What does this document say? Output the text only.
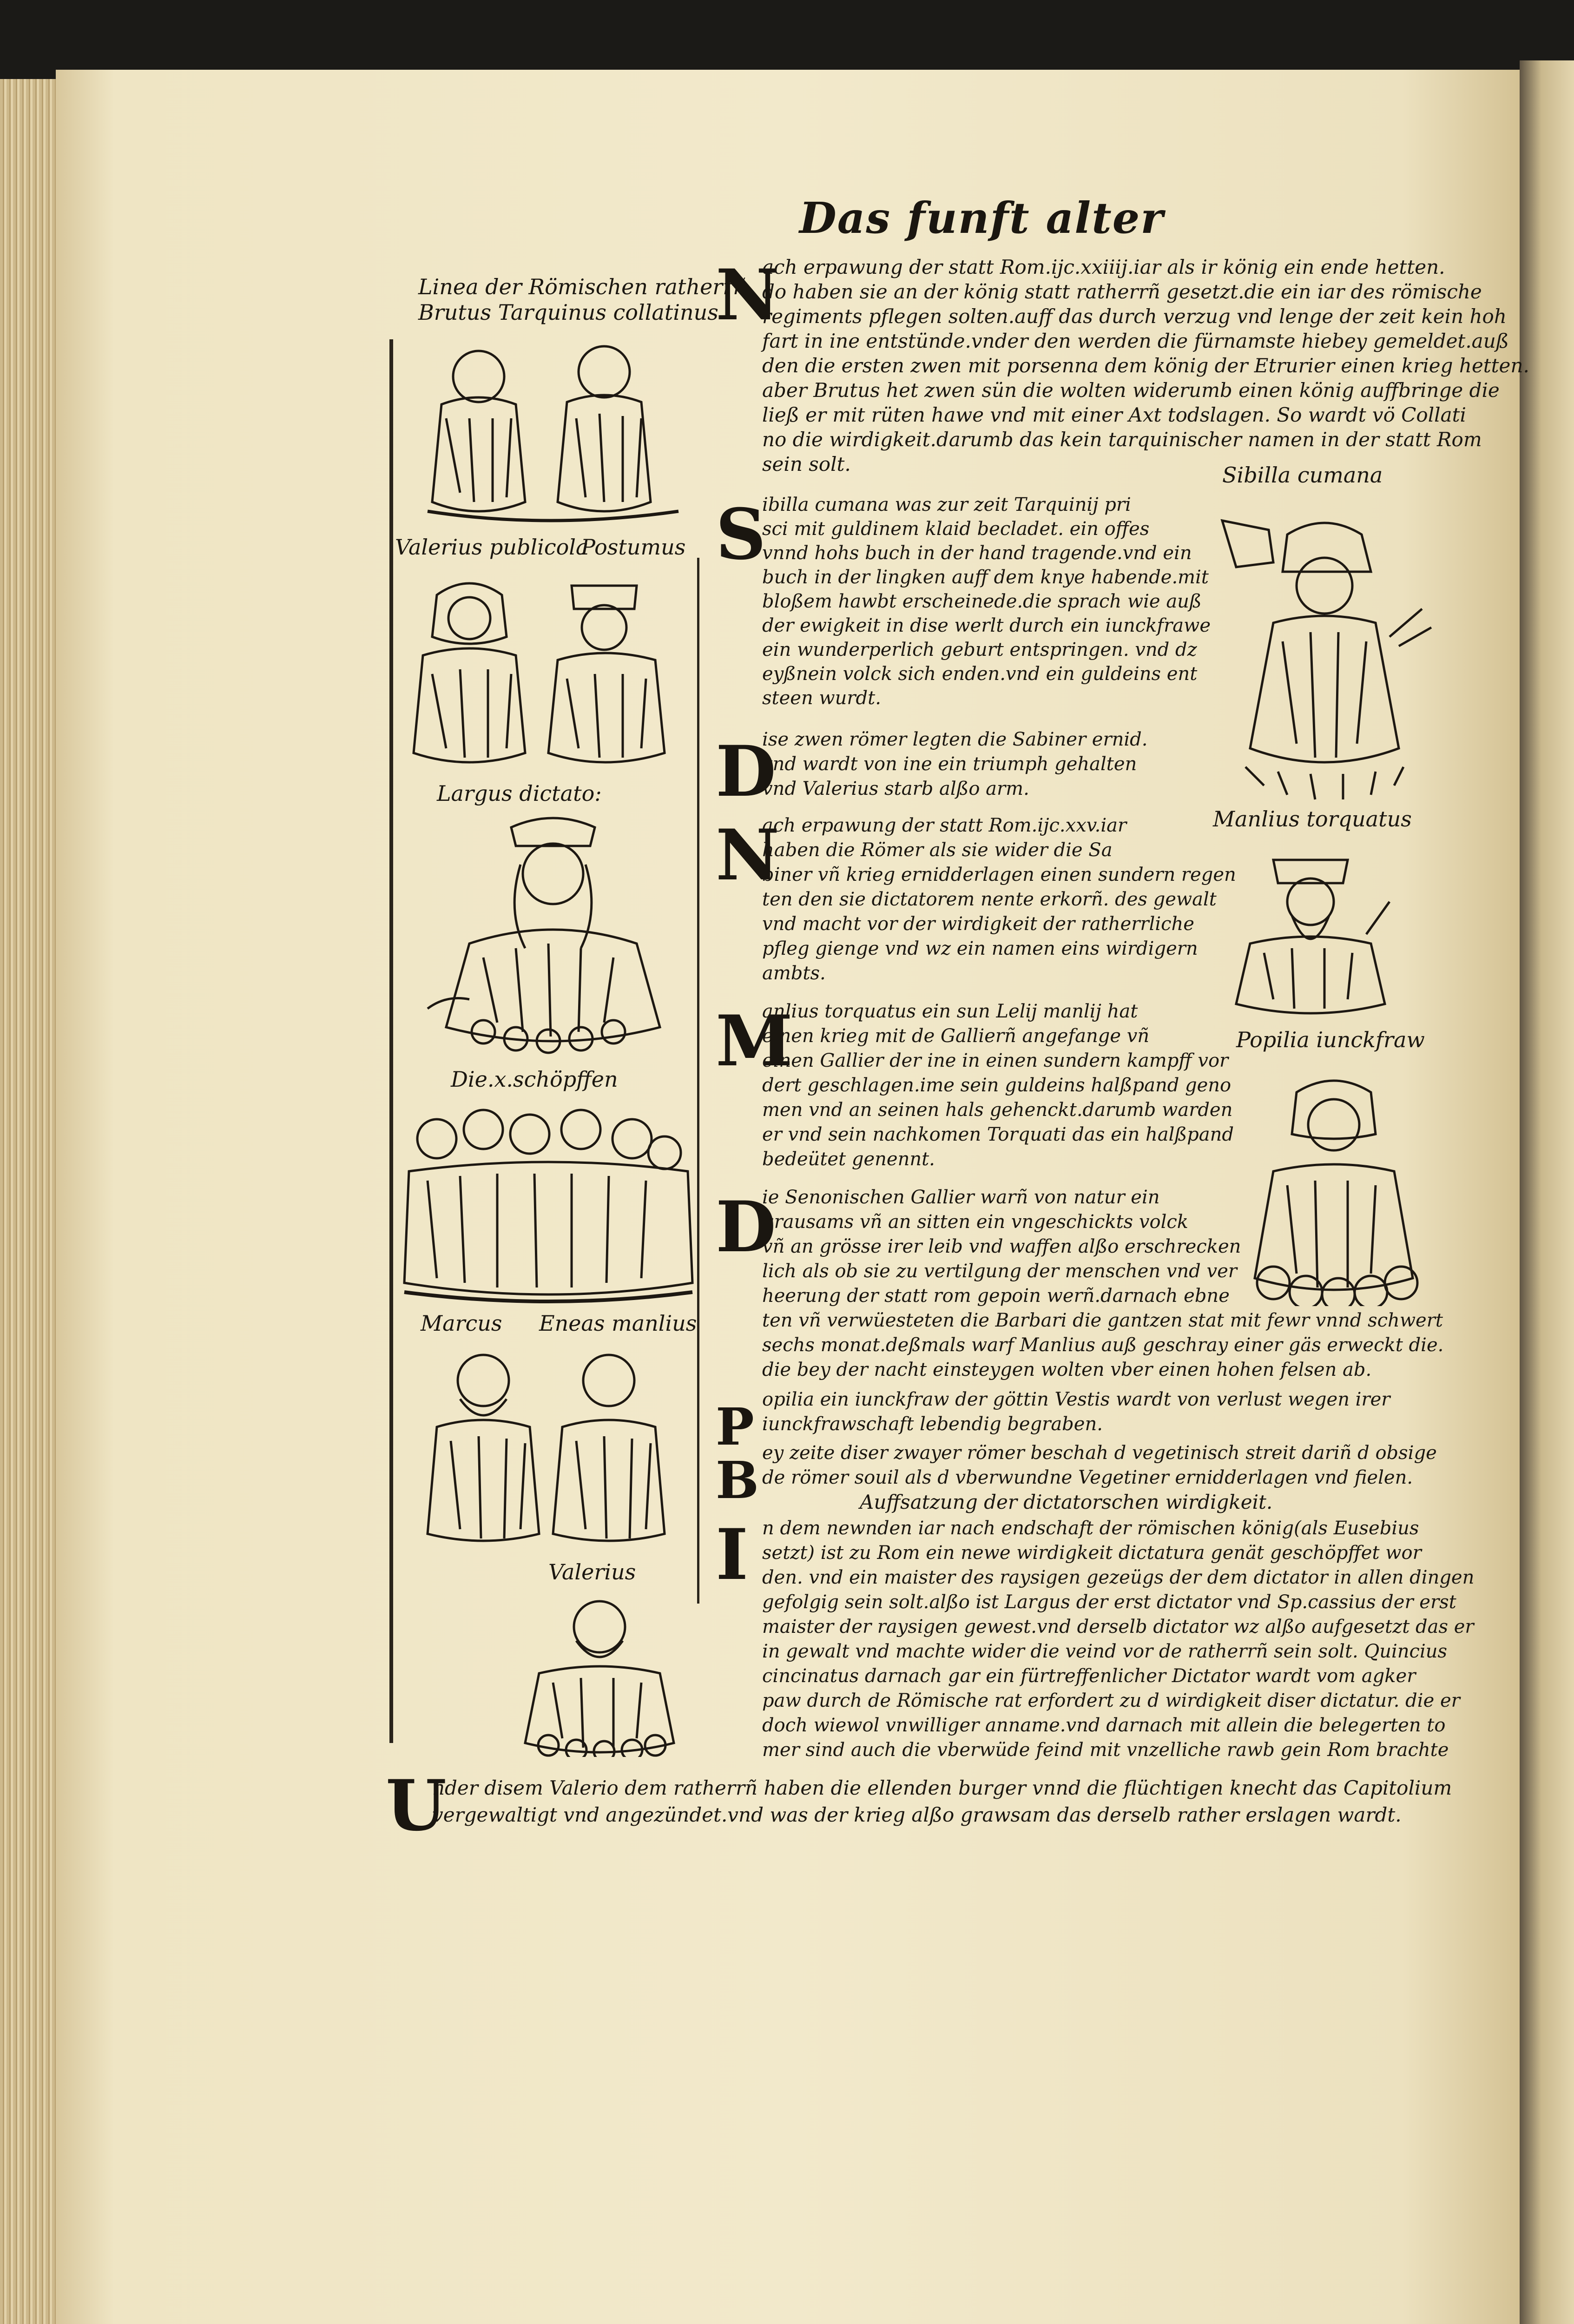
Das funft alter
Linea der Römischen ratherrñ
Brutus Tarquinus collatinus
Valerius publicola
Postumus
Largus dictato:
Die.x.schöpffen
Marcus Eneas manlius
Valerius
Sibilla cumana
Manlius torquatus
Popilia iunckfraw
N
ach erpawung der statt Rom.ijc.xxiiij.iar als ir könig ein ende hetten.
do haben sie an der könig statt ratherrñ gesetzt.die ein iar des römische
regiments pflegen solten.auff das durch verzug vnd lenge der zeit kein hoh
fart in ine entstünde.vnder den werden die fürnamste hiebey gemeldet.auß
den die ersten zwen mit porsenna dem könig der Etrurier einen krieg hetten.
aber Brutus het zwen sün die wolten widerumb einen könig auffbringe die
ließ er mit rüten hawe vnd mit einer Axt todslagen. So wardt vö Collati
no die wirdigkeit.darumb das kein tarquinischer namen in der statt Rom
sein solt.
S
ibilla cumana was zur zeit Tarquinij pri
sci mit guldinem klaid becladet. ein offes
vnnd hohs buch in der hand tragende.vnd ein
buch in der lingken auff dem knye habende.mit
bloßem hawbt erscheinede.die sprach wie auß
der ewigkeit in dise werlt durch ein iunckfrawe
ein wunderperlich geburt entspringen. vnd dz
eyßnein volck sich enden.vnd ein guldeins ent
steen wurdt.
D
ise zwen römer legten die Sabiner ernid.
vnd wardt von ine ein triumph gehalten
vnd Valerius starb alßo arm.
N
ach erpawung der statt Rom.ijc.xxv.iar
haben die Römer als sie wider die Sa
biner vñ krieg ernidderlagen einen sundern regen
ten den sie dictatorem nente erkorñ. des gewalt
vnd macht vor der wirdigkeit der ratherrliche
pfleg gienge vnd wz ein namen eins wirdigern
ambts.
M
anlius torquatus ein sun Lelij manlij hat
einen krieg mit de Gallierñ angefange vñ
einen Gallier der ine in einen sundern kampff vor
dert geschlagen.ime sein guldeins halßpand geno
men vnd an seinen hals gehenckt.darumb warden
er vnd sein nachkomen Torquati das ein halßpand
bedeütet genennt.
D
ie Senonischen Gallier warñ von natur ein
grausams vñ an sitten ein vngeschickts volck
vñ an grösse irer leib vnd waffen alßo erschrecken
lich als ob sie zu vertilgung der menschen vnd ver
heerung der statt rom gepoin werñ.darnach ebne
ten vñ verwüesteten die Barbari die gantzen stat mit fewr vnnd schwert
sechs monat.deßmals warf Manlius auß geschray einer gäs erweckt die.
die bey der nacht einsteygen wolten vber einen hohen felsen ab.
P opilia ein iunckfraw der göttin Vestis wardt von verlust wegen irer
iunckfrawschaft lebendig begraben.
B ey zeite diser zwayer römer beschah d vegetinisch streit dariñ d obsige
de römer souil als d vberwundne Vegetiner ernidderlagen vnd fielen.
Auffsatzung der dictatorschen wirdigkeit.
I n dem newnden iar nach endschaft der römischen könig(als Eusebius
setzt) ist zu Rom ein newe wirdigkeit dictatura genät geschöpffet wor
den. vnd ein maister des raysigen gezeügs der dem dictator in allen dingen
gefolgig sein solt.alßo ist Largus der erst dictator vnd Sp.cassius der erst
maister der raysigen gewest.vnd derselb dictator wz alßo aufgesetzt das er
in gewalt vnd machte wider die veind vor de ratherrñ sein solt. Quincius
cincinatus darnach gar ein fürtreffenlicher Dictator wardt vom agker
paw durch de Römische rat erfordert zu d wirdigkeit diser dictatur. die er
doch wiewol vnwilliger anname.vnd darnach mit allein die belegerten to
mer sind auch die vberwüde feind mit vnzelliche rawb gein Rom brachte
U
nder disem Valerio dem ratherrñ haben die ellenden burger vnnd die flüchtigen knecht das Capitolium
vergewaltigt vnd angezündet.vnd was der krieg alßo grawsam das derselb rather erslagen wardt.
